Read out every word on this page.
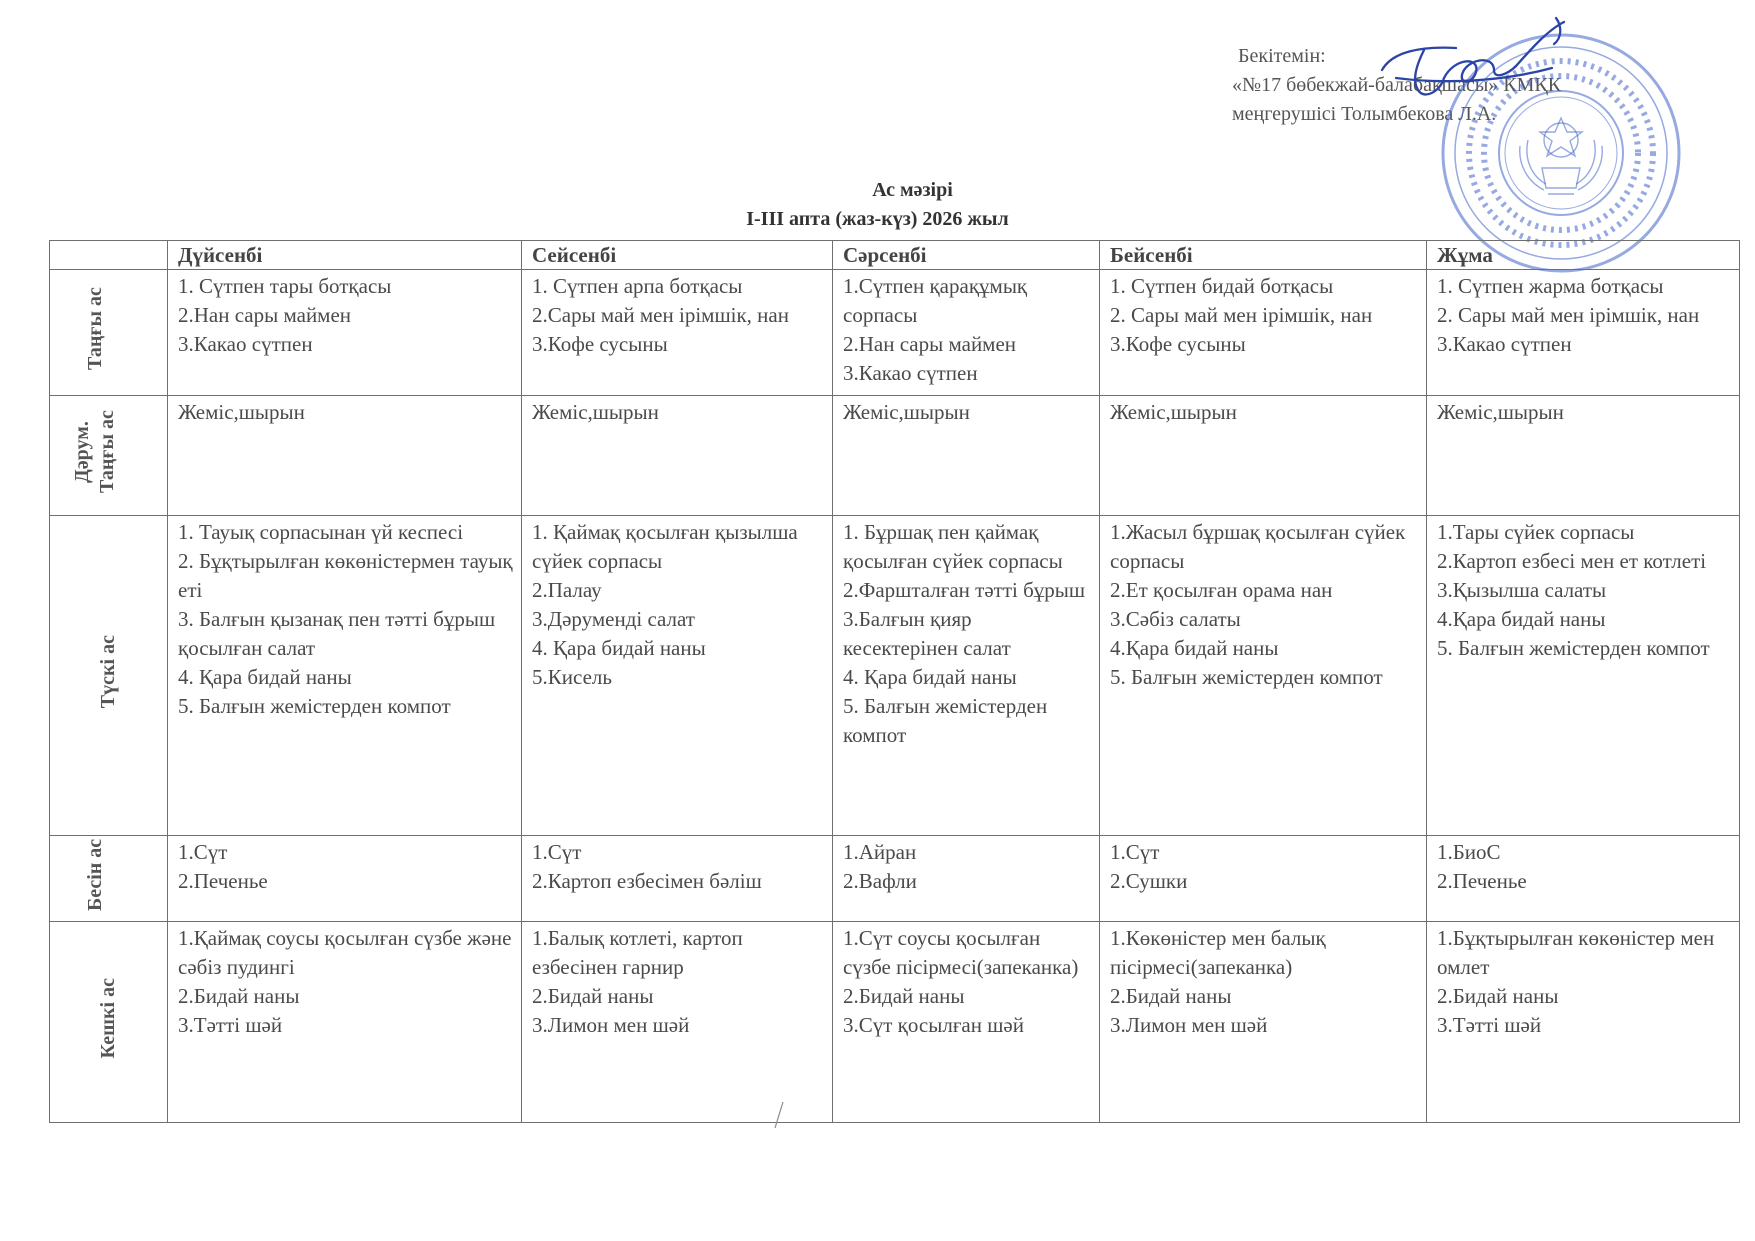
Бекітемін:
«№17 бөбекжай-балабақшасы» КМҚК
меңгерушісі Толымбекова Л.А.
Ас мәзірі
I-III апта (жаз-күз) 2026 жыл
	Дүйсенбі	Сейсенбі	Сәрсенбі	Бейсенбі	Жұма
Таңғы ас	1. Сүтпен тары ботқасы
2.Нан сары маймен
3.Какао сүтпен	1. Сүтпен арпа ботқасы
2.Сары май мен ірімшік, нан
3.Кофе сусыны	1.Сүтпен қарақұмық сорпасы
2.Нан сары маймен
3.Какао сүтпен	1. Сүтпен бидай ботқасы
2. Сары май мен ірімшік, нан
3.Кофе сусыны	1. Сүтпен жарма ботқасы
2. Сары май мен ірімшік, нан
3.Какао сүтпен

Дәрум. Таңғы ас	Жеміс,шырын	Жеміс,шырын	Жеміс,шырын	Жеміс,шырын	Жеміс,шырын

Түскі ас	1. Тауық сорпасынан үй кеспесі
2. Бұқтырылған көкөністермен тауық еті
3. Балғын қызанақ пен тәтті бұрыш қосылған салат
4. Қара бидай наны
5. Балғын жемістерден компот	1. Қаймақ қосылған қызылша сүйек сорпасы
2.Палау
3.Дәруменді салат
4. Қара бидай наны
5.Кисель	1. Бұршақ пен қаймақ қосылған сүйек сорпасы
2.Фаршталған тәтті бұрыш
3.Балғын қияр кесектерінен салат
4. Қара бидай наны
5. Балғын жемістерден компот	1.Жасыл бұршақ қосылған сүйек сорпасы
2.Ет қосылған орама нан
3.Сәбіз салаты
4.Қара бидай наны
5. Балғын жемістерден компот	1.Тары сүйек сорпасы
2.Картоп езбесі мен ет котлеті
3.Қызылша салаты
4.Қара бидай наны
5. Балғын жемістерден компот

Бесін ас	1.Сүт
2.Печенье	1.Сүт
2.Картоп езбесімен бәліш	1.Айран
2.Вафли	1.Сүт
2.Сушки	1.БиоС
2.Печенье

Кешкі ас	1.Қаймақ соусы қосылған сүзбе және сәбіз пудингі
2.Бидай наны
3.Тәтті шәй	1.Балық котлеті, картоп езбесінен гарнир
2.Бидай наны
3.Лимон мен шәй	1.Сүт соусы қосылған сүзбе пісірмесі(запеканка)
2.Бидай наны
3.Сүт қосылған шәй	1.Көкөністер мен балық пісірмесі(запеканка)
2.Бидай наны
3.Лимон мен шәй	1.Бұқтырылған көкөністер мен омлет
2.Бидай наны
3.Тәтті шәй
